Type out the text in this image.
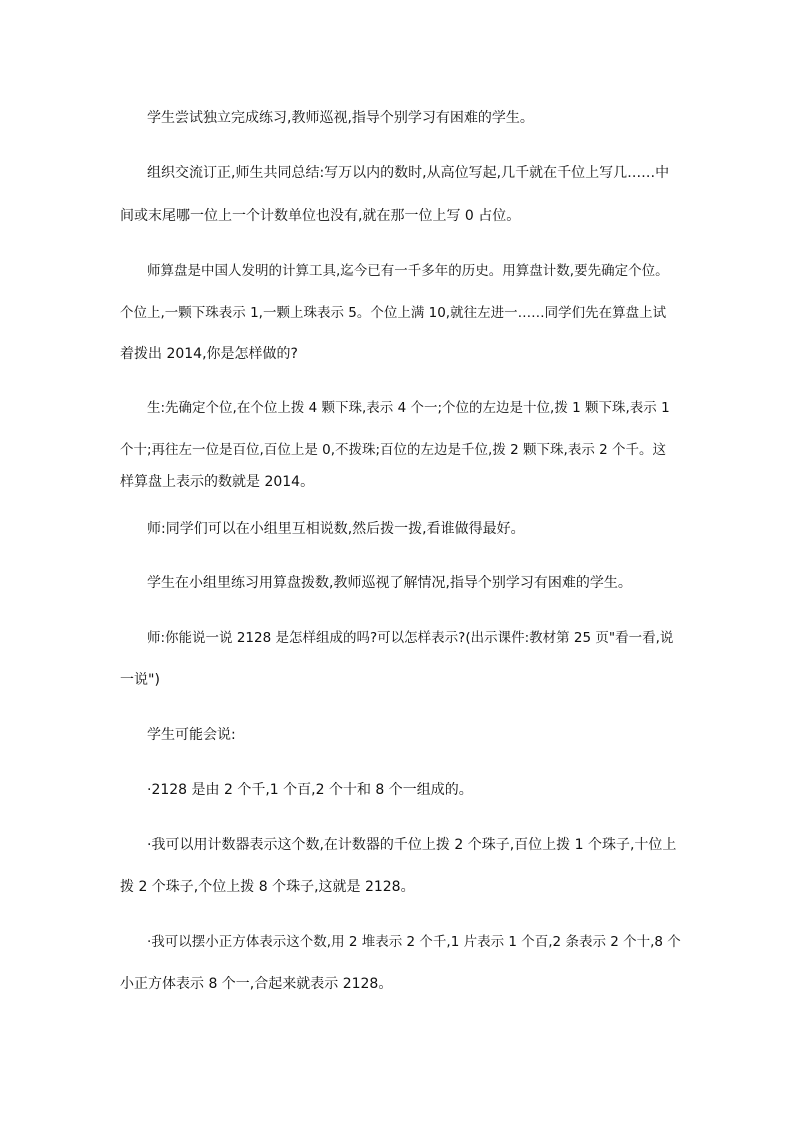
学生尝试独立完成练习,教师巡视,指导个别学习有困难的学生。
组织交流订正,师生共同总结:写万以内的数时,从高位写起,几千就在千位上写几……中
间或末尾哪一位上一个计数单位也没有,就在那一位上写 0 占位。
师算盘是中国人发明的计算工具,迄今已有一千多年的历史。用算盘计数,要先确定个位。
个位上,一颗下珠表示 1,一颗上珠表示 5。个位上满 10,就往左进一……同学们先在算盘上试
着拨出 2014,你是怎样做的?
生:先确定个位,在个位上拨 4 颗下珠,表示 4 个一;个位的左边是十位,拨 1 颗下珠,表示 1
个十;再往左一位是百位,百位上是 0,不拨珠;百位的左边是千位,拨 2 颗下珠,表示 2 个千。这
样算盘上表示的数就是 2014。
师:同学们可以在小组里互相说数,然后拨一拨,看谁做得最好。
学生在小组里练习用算盘拨数,教师巡视了解情况,指导个别学习有困难的学生。
师:你能说一说 2128 是怎样组成的吗?可以怎样表示?(出示课件:教材第 25 页"看一看,说
一说")
学生可能会说:
·2128 是由 2 个千,1 个百,2 个十和 8 个一组成的。
·我可以用计数器表示这个数,在计数器的千位上拨 2 个珠子,百位上拨 1 个珠子,十位上
拨 2 个珠子,个位上拨 8 个珠子,这就是 2128。
·我可以摆小正方体表示这个数,用 2 堆表示 2 个千,1 片表示 1 个百,2 条表示 2 个十,8 个
小正方体表示 8 个一,合起来就表示 2128。
